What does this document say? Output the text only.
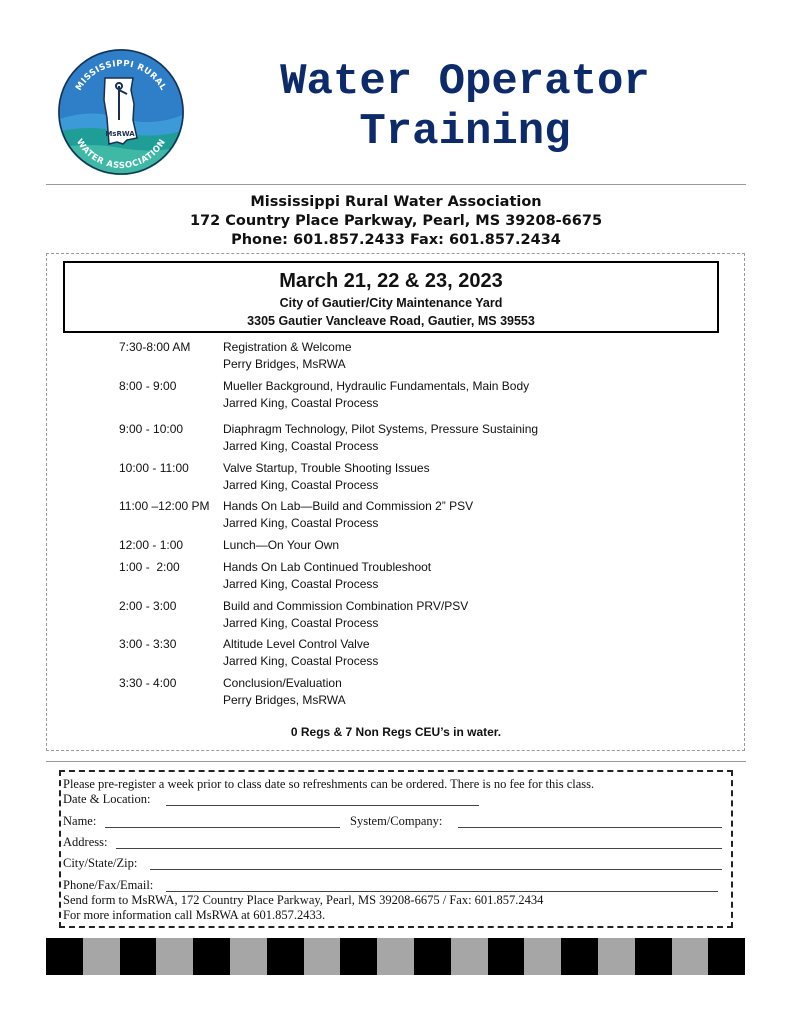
MsRWA
MISSISSIPPI RURAL
WATER ASSOCIATION
Water Operator
Training
Mississippi Rural Water Association
172 Country Place Parkway, Pearl, MS 39208-6675
Phone: 601.857.2433 Fax: 601.857.2434
March 21, 22 & 23, 2023
City of Gautier/City Maintenance Yard
3305 Gautier Vancleave Road, Gautier, MS 39553
7:30-8:00 AM	Registration & Welcome
Perry Bridges, MsRWA
8:00 - 9:00	Mueller Background, Hydraulic Fundamentals, Main Body
Jarred King, Coastal Process
9:00 - 10:00	Diaphragm Technology, Pilot Systems, Pressure Sustaining
Jarred King, Coastal Process
10:00 - 11:00	Valve Startup, Trouble Shooting Issues
Jarred King, Coastal Process
11:00 –12:00 PM Hands On Lab—Build and Commission 2” PSV
Jarred King, Coastal Process
12:00 - 1:00	Lunch—On Your Own
1:00 -  2:00	Hands On Lab Continued Troubleshoot
Jarred King, Coastal Process
2:00 - 3:00	Build and Commission Combination PRV/PSV
Jarred King, Coastal Process
3:00 - 3:30	Altitude Level Control Valve
Jarred King, Coastal Process
3:30 - 4:00	Conclusion/Evaluation
Perry Bridges, MsRWA
0 Regs & 7 Non Regs CEU’s in water.
Please pre-register a week prior to class date so refreshments can be ordered. There is no fee for this class.
Date & Location:
Name:	System/Company:
Address:
City/State/Zip:
Phone/Fax/Email:
Send form to MsRWA, 172 Country Place Parkway, Pearl, MS 39208-6675 / Fax: 601.857.2434
For more information call MsRWA at 601.857.2433.
